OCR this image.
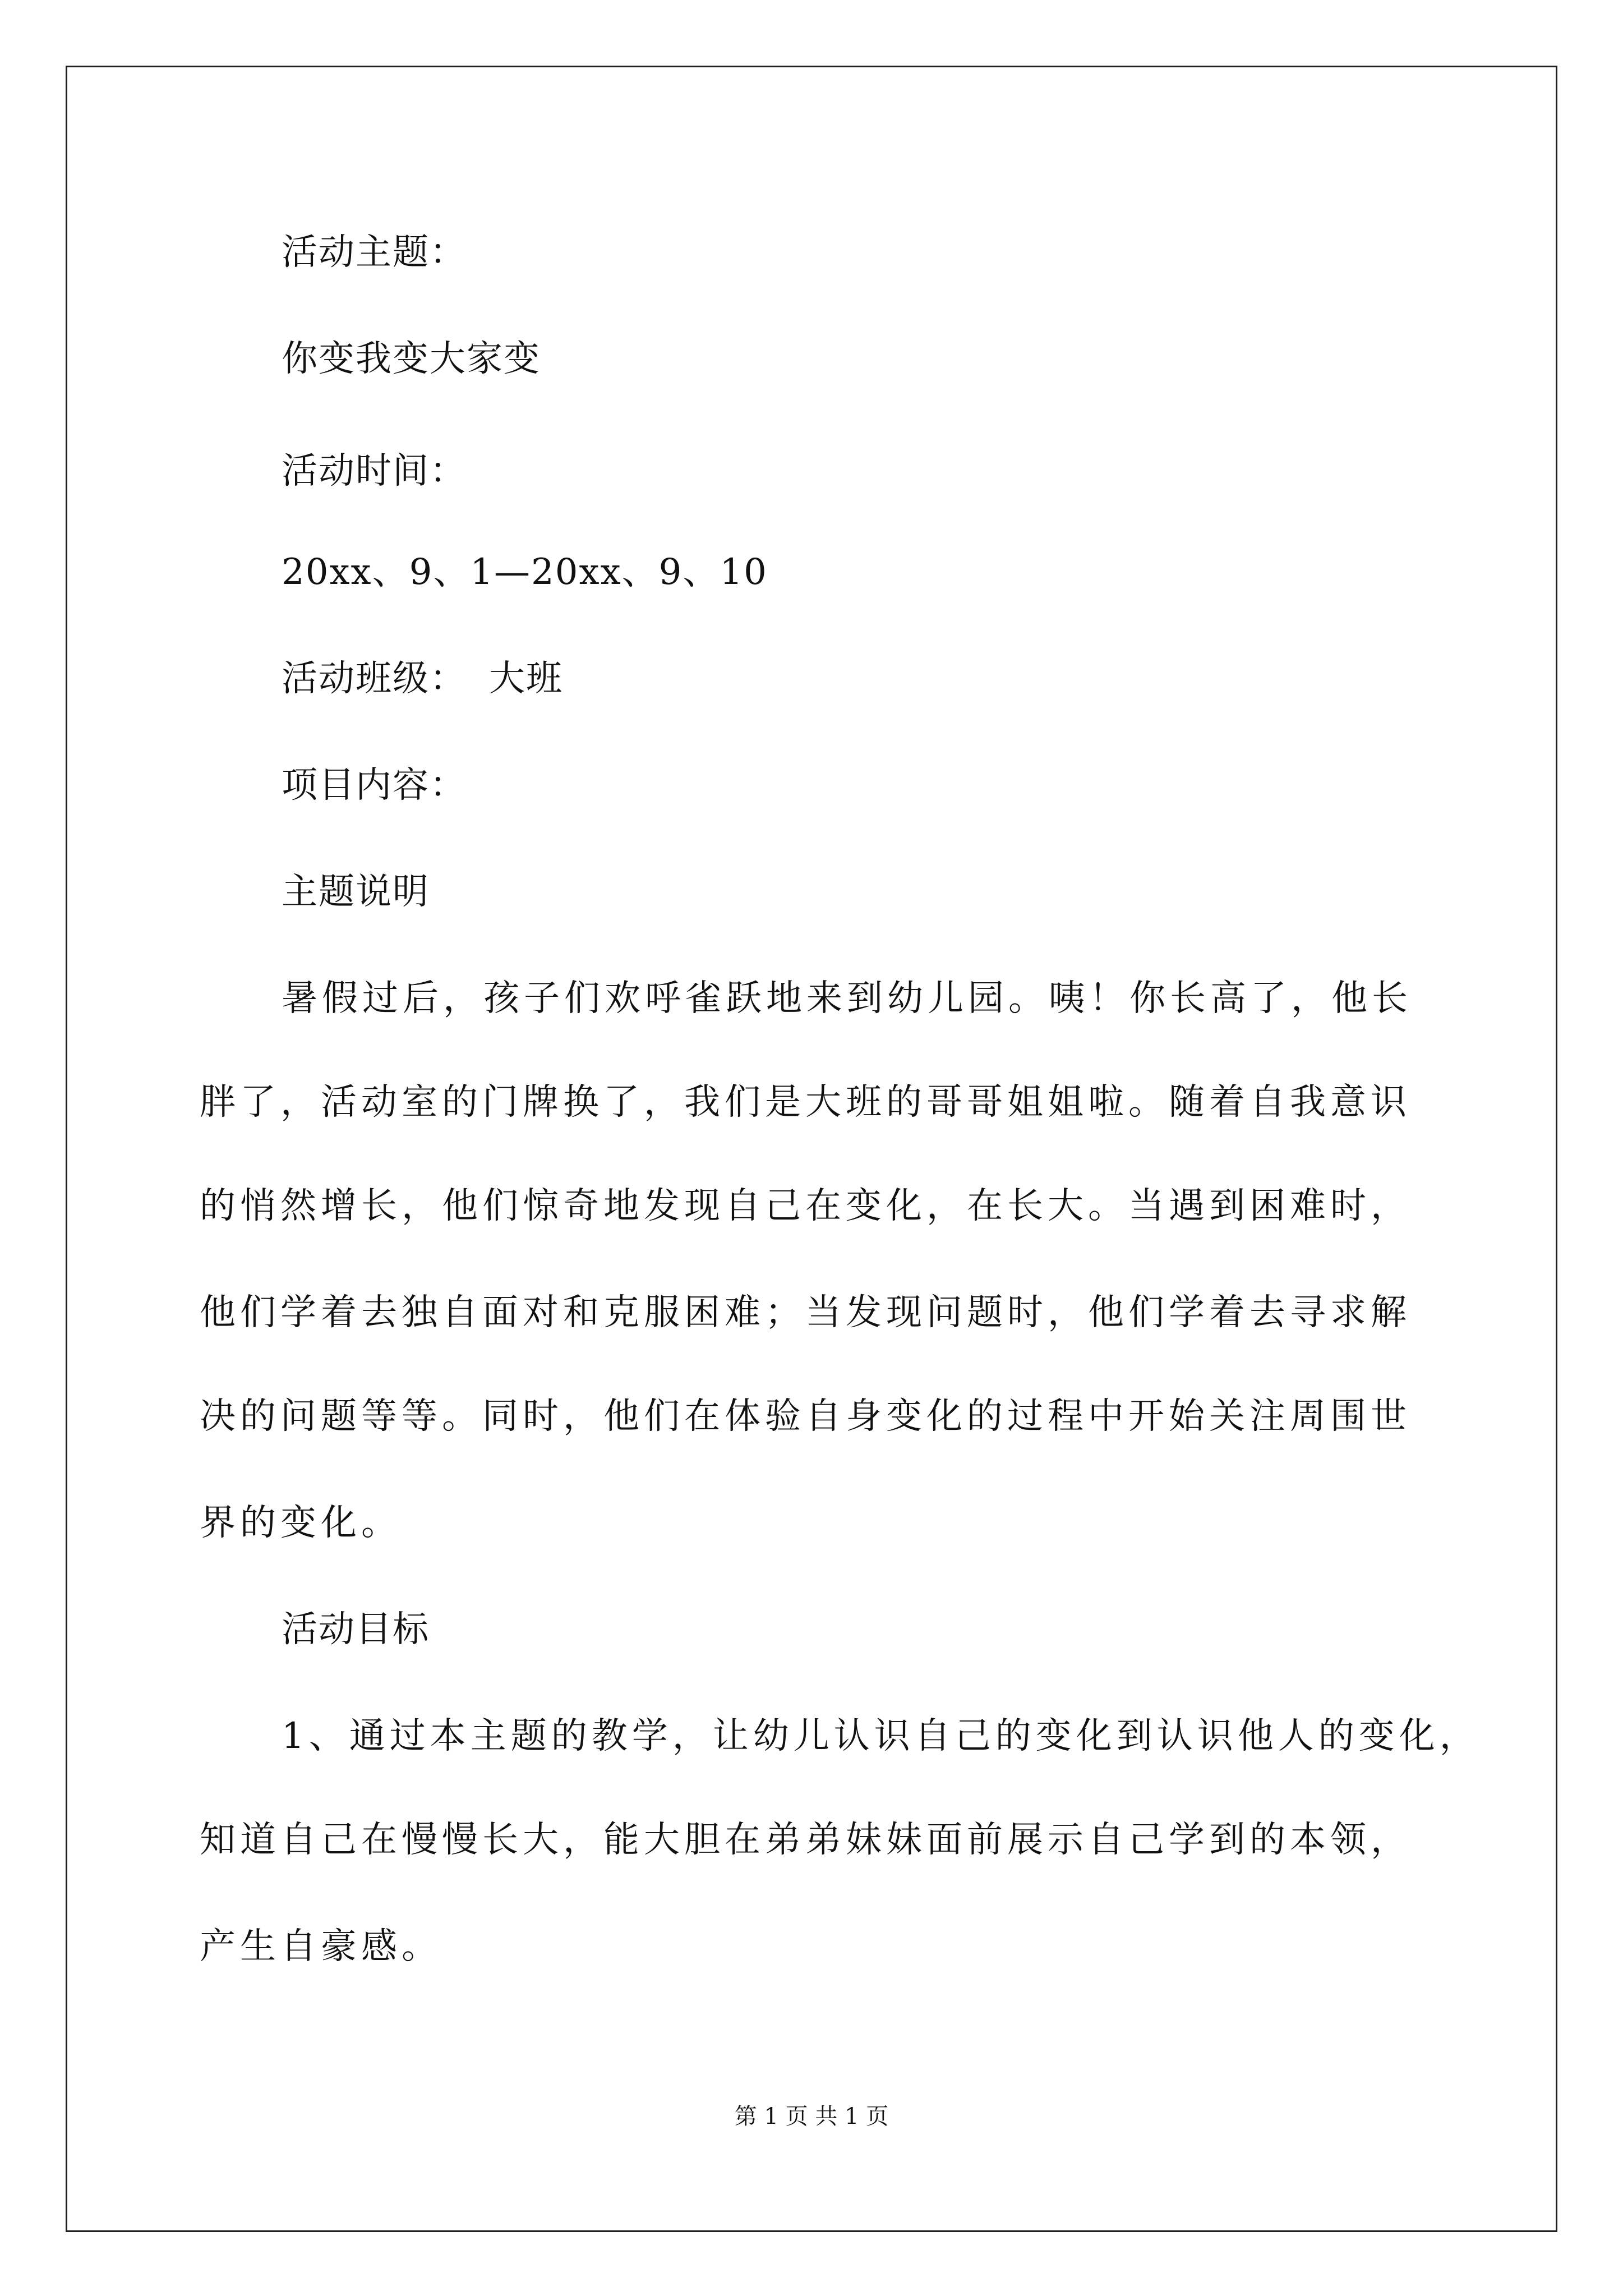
活动主题：
你变我变大家变
活动时间：
20xx、9、1—20xx、9、10
活动班级： 大班
项目内容：
主题说明
暑假过后，孩子们欢呼雀跃地来到幼儿园。咦！你长高了，他长
胖了，活动室的门牌换了，我们是大班的哥哥姐姐啦。随着自我意识
的悄然增长，他们惊奇地发现自己在变化，在长大。当遇到困难时，
他们学着去独自面对和克服困难；当发现问题时，他们学着去寻求解
决的问题等等。同时，他们在体验自身变化的过程中开始关注周围世
界的变化。
活动目标
1、通过本主题的教学，让幼儿认识自己的变化到认识他人的变化，
知道自己在慢慢长大，能大胆在弟弟妹妹面前展示自己学到的本领，
产生自豪感。
第 1 页 共 1 页
